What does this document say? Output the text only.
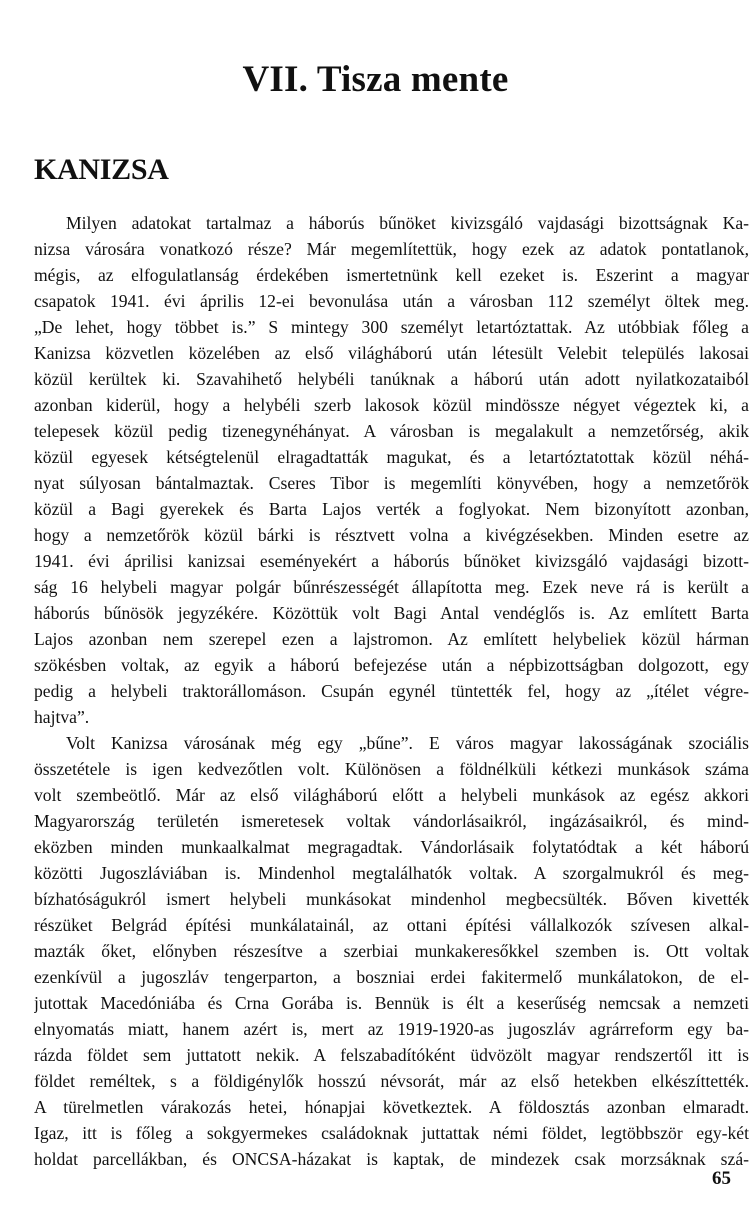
VII. Tisza mente
KANIZSA
Milyen adatokat tartalmaz a háborús bűnöket kivizsgáló vajdasági bizottságnak Ka-
nizsa városára vonatkozó része? Már megemlítettük, hogy ezek az adatok pontatlanok,
mégis, az elfogulatlanság érdekében ismertetnünk kell ezeket is. Eszerint a magyar
csapatok 1941. évi április 12-ei bevonulása után a városban 112 személyt öltek meg.
„De lehet, hogy többet is.” S mintegy 300 személyt letartóztattak. Az utóbbiak főleg a
Kanizsa közvetlen közelében az első világháború után létesült Velebit település lakosai
közül kerültek ki. Szavahihető helybéli tanúknak a háború után adott nyilatkozataiból
azonban kiderül, hogy a helybéli szerb lakosok közül mindössze négyet végeztek ki, a
telepesek közül pedig tizenegynéhányat. A városban is megalakult a nemzetőrség, akik
közül egyesek kétségtelenül elragadtatták magukat, és a letartóztatottak közül néhá-
nyat súlyosan bántalmaztak. Cseres Tibor is megemlíti könyvében, hogy a nemzetőrök
közül a Bagi gyerekek és Barta Lajos verték a foglyokat. Nem bizonyított azonban,
hogy a nemzetőrök közül bárki is résztvett volna a kivégzésekben. Minden esetre az
1941. évi áprilisi kanizsai eseményekért a háborús bűnöket kivizsgáló vajdasági bizott-
ság 16 helybeli magyar polgár bűnrészességét állapította meg. Ezek neve rá is került a
háborús bűnösök jegyzékére. Közöttük volt Bagi Antal vendéglős is. Az említett Barta
Lajos azonban nem szerepel ezen a lajstromon. Az említett helybeliek közül hárman
szökésben voltak, az egyik a háború befejezése után a népbizottságban dolgozott, egy
pedig a helybeli traktorállomáson. Csupán egynél tüntették fel, hogy az „ítélet végre-
hajtva”.
Volt Kanizsa városának még egy „bűne”. E város magyar lakosságának szociális
összetétele is igen kedvezőtlen volt. Különösen a földnélküli kétkezi munkások száma
volt szembeötlő. Már az első világháború előtt a helybeli munkások az egész akkori
Magyarország területén ismeretesek voltak vándorlásaikról, ingázásaikról, és mind-
eközben minden munkaalkalmat megragadtak. Vándorlásaik folytatódtak a két háború
közötti Jugoszláviában is. Mindenhol megtalálhatók voltak. A szorgalmukról és meg-
bízhatóságukról ismert helybeli munkásokat mindenhol megbecsülték. Bőven kivették
részüket Belgrád építési munkálatainál, az ottani építési vállalkozók szívesen alkal-
mazták őket, előnyben részesítve a szerbiai munkakeresőkkel szemben is. Ott voltak
ezenkívül a jugoszláv tengerparton, a boszniai erdei fakitermelő munkálatokon, de el-
jutottak Macedóniába és Crna Gorába is. Bennük is élt a keserűség nemcsak a nemzeti
elnyomatás miatt, hanem azért is, mert az 1919-1920-as jugoszláv agrárreform egy ba-
rázda földet sem juttatott nekik. A felszabadítóként üdvözölt magyar rendszertől itt is
földet reméltek, s a földigénylők hosszú névsorát, már az első hetekben elkészíttették.
A türelmetlen várakozás hetei, hónapjai következtek. A földosztás azonban elmaradt.
Igaz, itt is főleg a sokgyermekes családoknak juttattak némi földet, legtöbbször egy-két
holdat parcellákban, és ONCSA-házakat is kaptak, de mindezek csak morzsáknak szá-
65
